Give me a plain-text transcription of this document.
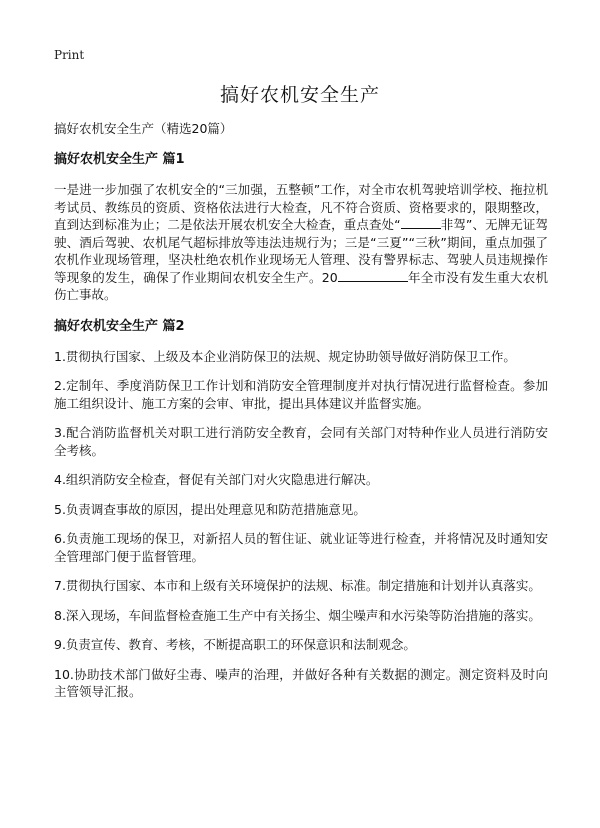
Print
搞好农机安全生产
搞好农机安全生产（精选20篇）
搞好农机安全生产 篇1
一是进一步加强了农机安全的“三加强，五整顿”工作，对全市农机驾驶培训学校、拖拉机考试员、教练员的资质、资格依法进行大检查，凡不符合资质、资格要求的，限期整改，直到达到标准为止；二是依法开展农机安全大检查，重点查处“	非驾”、无牌无证驾驶、酒后驾驶、农机尾气超标排放等违法违规行为；三是“三夏”“三秋”期间，重点加强了农机作业现场管理，坚决杜绝农机作业现场无人管理、没有警界标志、驾驶人员违规操作等现象的发生，确保了作业期间农机安全生产。20	年全市没有发生重大农机伤亡事故。
搞好农机安全生产 篇2
1.贯彻执行国家、上级及本企业消防保卫的法规、规定协助领导做好消防保卫工作。
2.定制年、季度消防保卫工作计划和消防安全管理制度并对执行情况进行监督检查。参加施工组织设计、施工方案的会审、审批，提出具体建议并监督实施。
3.配合消防监督机关对职工进行消防安全教育，会同有关部门对特种作业人员进行消防安全考核。
4.组织消防安全检查，督促有关部门对火灾隐患进行解决。
5.负责调查事故的原因，提出处理意见和防范措施意见。
6.负责施工现场的保卫，对新招人员的暂住证、就业证等进行检查，并将情况及时通知安全管理部门便于监督管理。
7.贯彻执行国家、本市和上级有关环境保护的法规、标准。制定措施和计划并认真落实。
8.深入现场，车间监督检查施工生产中有关扬尘、烟尘噪声和水污染等防治措施的落实。
9.负责宣传、教育、考核，不断提高职工的环保意识和法制观念。
10.协助技术部门做好尘毒、噪声的治理，并做好各种有关数据的测定。测定资料及时向主管领导汇报。
